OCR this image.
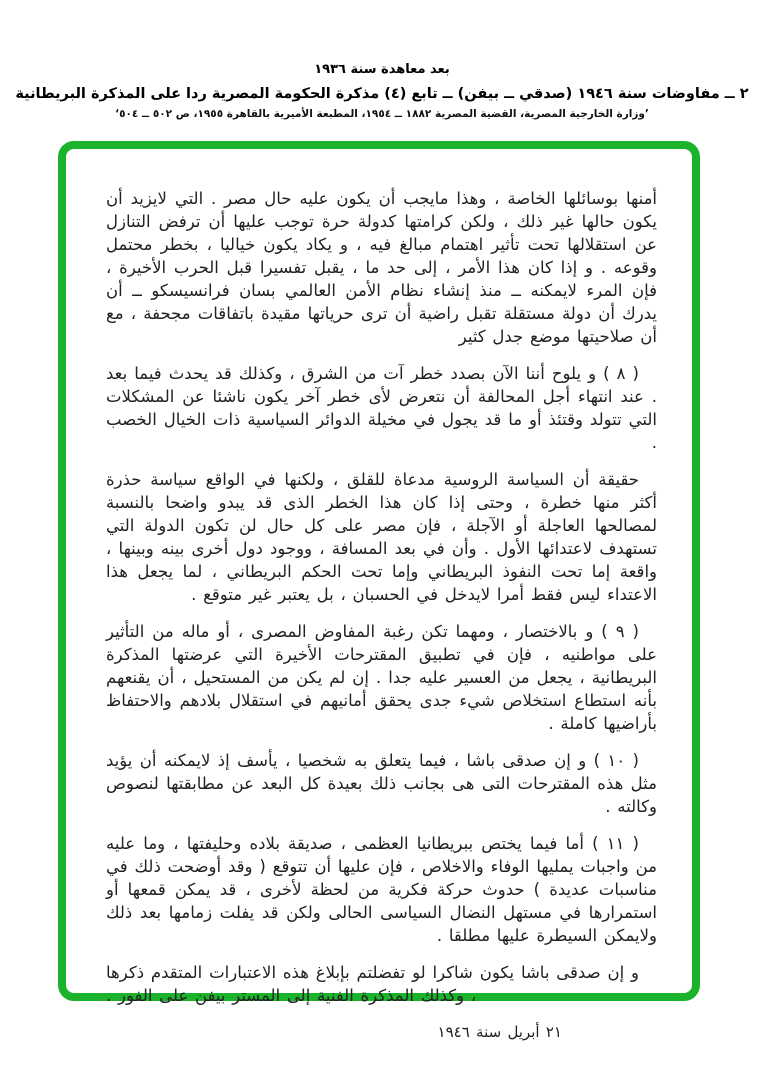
بعد معاهدة سنة ١٩٣٦
٢ ــ مفاوضات سنة ١٩٤٦ (صدقي ــ بيفن) ــ تابع (٤) مذكرة الحكومة المصرية ردا على المذكرة البريطانية
’وزارة الخارجية المصرية، القضية المصرية ١٨٨٢ ــ ١٩٥٤، المطبعة الأميرية بالقاهرة ١٩٥٥، ص ٥٠٢ ــ ٥٠٤‘

أمنها بوسائلها الخاصة ، وهذا مايجب أن يكون عليه حال مصر . التي لايزيد أن يكون حالها غير ذلك ، ولكن كرامتها كدولة حرة توجب عليها أن ترفض التنازل عن استقلالها تحت تأثير اهتمام مبالغ فيه ، و يكاد يكون خياليا ، بخطر محتمل وقوعه . و إذا كان هذا الأمر ، إلى حد ما ، يقبل تفسيرا قبل الحرب الأخيرة ، فإن المرء لايمكنه ــ منذ إنشاء نظام الأمن العالمي بسان فرانسيسكو ــ أن يدرك أن دولة مستقلة تقبل راضية أن ترى حرياتها مقيدة باتفاقات مجحفة ، مع أن صلاحيتها موضع جدل كثير

( ٨ ) و يلوح أننا الآن بصدد خطر آت من الشرق ، وكذلك قد يحدث فيما بعد . عند انتهاء أجل المحالفة أن نتعرض لأى خطر آخر يكون ناشئا عن المشكلات التي تتولد وقتئذ أو ما قد يجول في مخيلة الدوائر السياسية ذات الخيال الخصب .

حقيقة أن السياسة الروسية مدعاة للقلق ، ولكنها في الواقع سياسة حذرة أكثر منها خطرة ، وحتى إذا كان هذا الخطر الذى قد يبدو واضحا بالنسبة لمصالحها العاجلة أو الآجلة ، فإن مصر على كل حال لن تكون الدولة التي تستهدف لاعتدائها الأول . وأن في بعد المسافة ، ووجود دول أخرى بينه وبينها ، واقعة إما تحت النفوذ البريطاني وإما تحت الحكم البريطاني ، لما يجعل هذا الاعتداء ليس فقط أمرا لايدخل في الحسبان ، بل يعتبر غير متوقع .

( ٩ ) و بالاختصار ، ومهما تكن رغبة المفاوض المصرى ، أو ماله من التأثير على مواطنيه ، فإن في تطبيق المقترحات الأخيرة التي عرضتها المذكرة البريطانية ، يجعل من العسير عليه جدا . إن لم يكن من المستحيل ، أن يقنعهم بأنه استطاع استخلاص شيء جدى يحقق أمانيهم في استقلال بلادهم والاحتفاظ بأراضيها كاملة .

( ١٠ ) و إن صدقى باشا ، فيما يتعلق به شخصيا ، يأسف إذ لايمكنه أن يؤيد مثل هذه المقترحات التى هى بجانب ذلك بعيدة كل البعد عن مطابقتها لنصوص وكالته .

( ١١ ) أما فيما يختص ببريطانيا العظمى ، صديقة بلاده وحليفتها ، وما عليه من واجبات يمليها الوفاء والاخلاص ، فإن عليها أن تتوقع ( وقد أوضحت ذلك في مناسبات عديدة ) حدوث حركة فكرية من لحظة لأخرى ، قد يمكن قمعها أو استمرارها في مستهل النضال السياسى الحالى ولكن قد يفلت زمامها بعد ذلك ولايمكن السيطرة عليها مطلقا .

و إن صدقى باشا يكون شاكرا لو تفضلتم بإبلاغ هذه الاعتبارات المتقدم ذكرها ، وكذلك المذكرة الفنية إلى المستر بيفن على الفور .

٢١ أبريل سنة ١٩٤٦
